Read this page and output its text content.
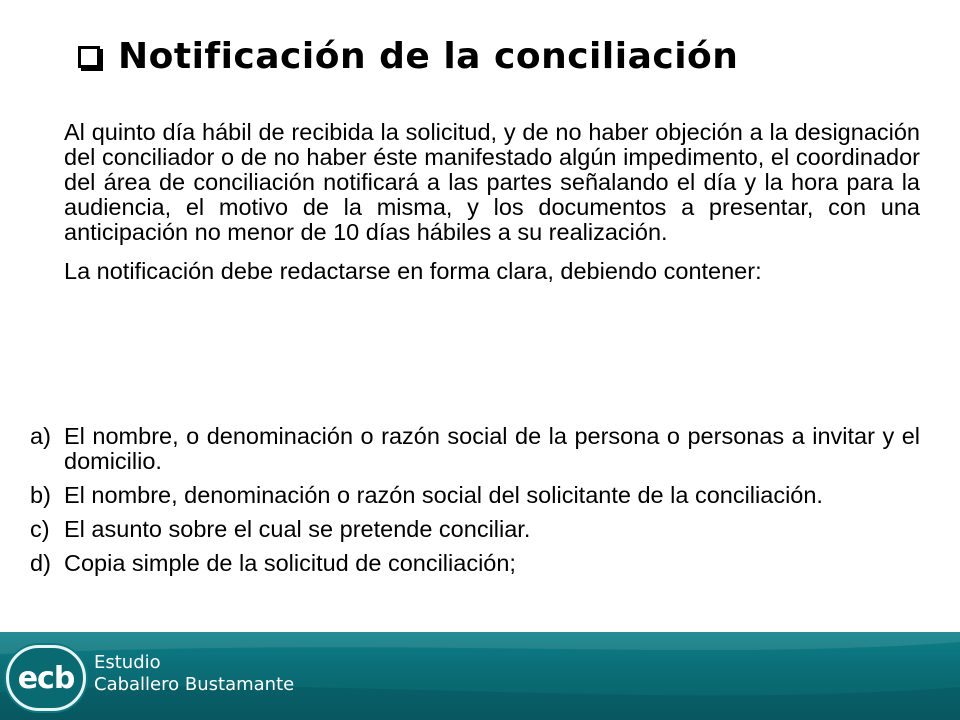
Notificación de la conciliación

Al quinto día hábil de recibida la solicitud, y de no haber objeción a la designación del conciliador o de no haber éste manifestado algún impedimento, el coordinador del área de conciliación notificará a las partes señalando el día y la hora para la audiencia, el motivo de la misma, y los documentos a presentar, con una anticipación no menor de 10 días hábiles a su realización.

La notificación debe redactarse en forma clara, debiendo contener:

a) El nombre, o denominación o razón social de la persona o personas a invitar y el domicilio.
b) El nombre, denominación o razón social del solicitante de la conciliación.
c) El asunto sobre el cual se pretende conciliar.
d) Copia simple de la solicitud de conciliación;
ecb Estudio
Caballero Bustamante
